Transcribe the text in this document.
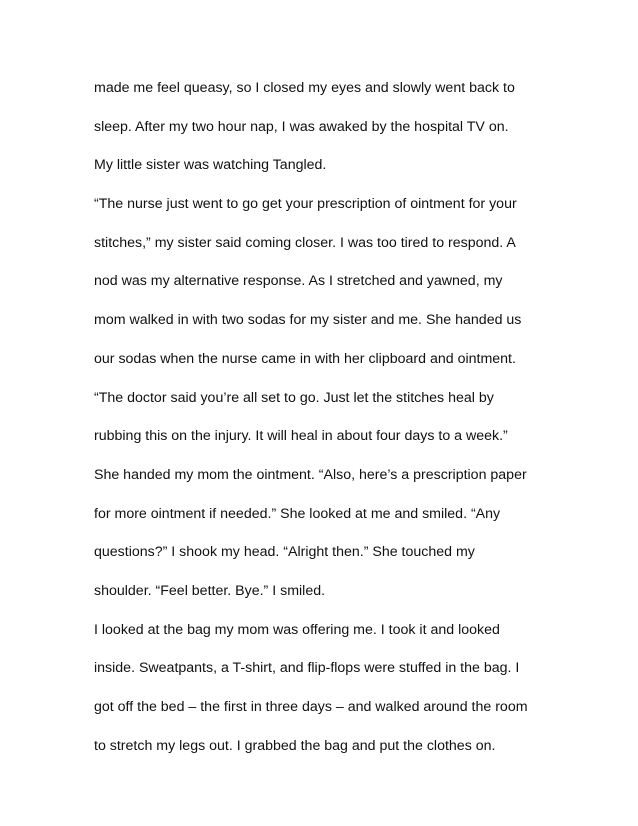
made me feel queasy, so I closed my eyes and slowly went back to
sleep. After my two hour nap, I was awaked by the hospital TV on.
My little sister was watching Tangled.
“The nurse just went to go get your prescription of ointment for your
stitches,” my sister said coming closer. I was too tired to respond. A
nod was my alternative response. As I stretched and yawned, my
mom walked in with two sodas for my sister and me. She handed us
our sodas when the nurse came in with her clipboard and ointment.
“The doctor said you’re all set to go. Just let the stitches heal by
rubbing this on the injury. It will heal in about four days to a week.”
She handed my mom the ointment. “Also, here’s a prescription paper
for more ointment if needed.” She looked at me and smiled. “Any
questions?” I shook my head. “Alright then.” She touched my
shoulder. “Feel better. Bye.” I smiled.
I looked at the bag my mom was offering me. I took it and looked
inside. Sweatpants, a T-shirt, and flip-flops were stuffed in the bag. I
got off the bed – the first in three days – and walked around the room
to stretch my legs out. I grabbed the bag and put the clothes on.
